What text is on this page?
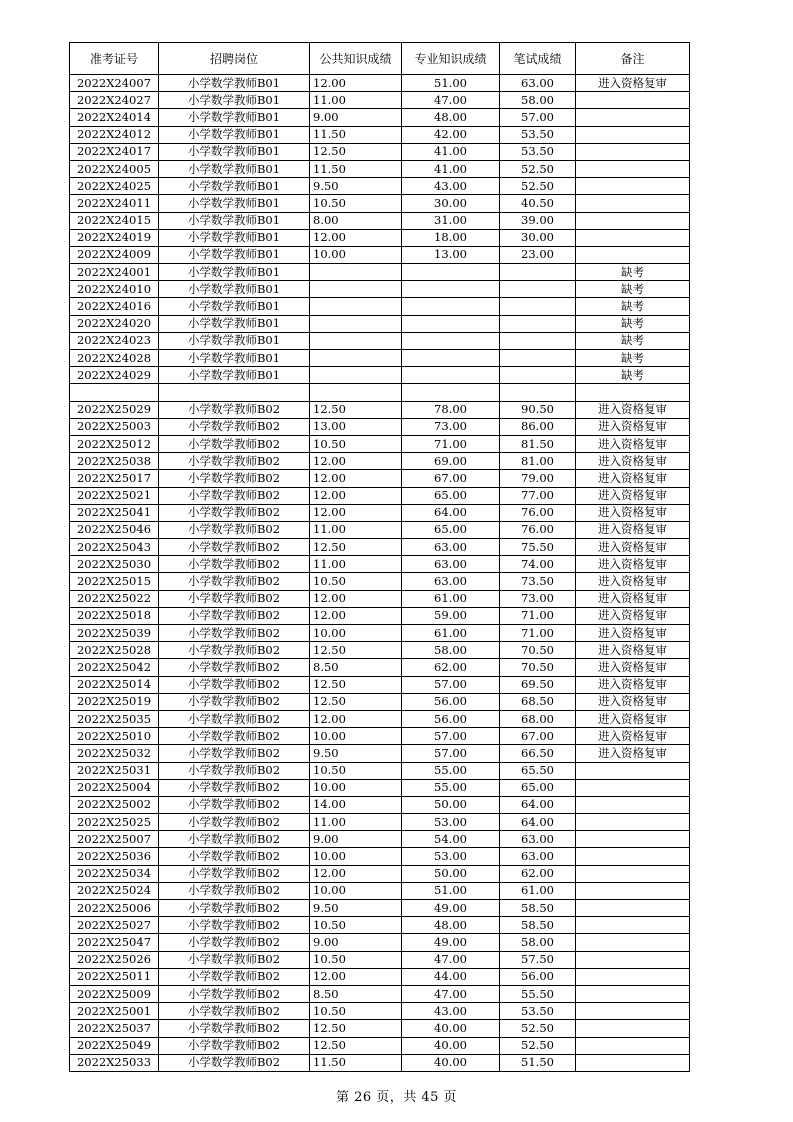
准考证号	招聘岗位	公共知识成绩	专业知识成绩	笔试成绩	备注
2022X24007	小学数学教师B01	12.00	51.00	63.00	进入资格复审
2022X24027	小学数学教师B01	11.00	47.00	58.00	
2022X24014	小学数学教师B01	9.00	48.00	57.00	
2022X24012	小学数学教师B01	11.50	42.00	53.50	
2022X24017	小学数学教师B01	12.50	41.00	53.50	
2022X24005	小学数学教师B01	11.50	41.00	52.50	
2022X24025	小学数学教师B01	9.50	43.00	52.50	
2022X24011	小学数学教师B01	10.50	30.00	40.50	
2022X24015	小学数学教师B01	8.00	31.00	39.00	
2022X24019	小学数学教师B01	12.00	18.00	30.00	
2022X24009	小学数学教师B01	10.00	13.00	23.00	
2022X24001	小学数学教师B01				缺考
2022X24010	小学数学教师B01				缺考
2022X24016	小学数学教师B01				缺考
2022X24020	小学数学教师B01				缺考
2022X24023	小学数学教师B01				缺考
2022X24028	小学数学教师B01				缺考
2022X24029	小学数学教师B01				缺考

2022X25029	小学数学教师B02	12.50	78.00	90.50	进入资格复审
2022X25003	小学数学教师B02	13.00	73.00	86.00	进入资格复审
2022X25012	小学数学教师B02	10.50	71.00	81.50	进入资格复审
2022X25038	小学数学教师B02	12.00	69.00	81.00	进入资格复审
2022X25017	小学数学教师B02	12.00	67.00	79.00	进入资格复审
2022X25021	小学数学教师B02	12.00	65.00	77.00	进入资格复审
2022X25041	小学数学教师B02	12.00	64.00	76.00	进入资格复审
2022X25046	小学数学教师B02	11.00	65.00	76.00	进入资格复审
2022X25043	小学数学教师B02	12.50	63.00	75.50	进入资格复审
2022X25030	小学数学教师B02	11.00	63.00	74.00	进入资格复审
2022X25015	小学数学教师B02	10.50	63.00	73.50	进入资格复审
2022X25022	小学数学教师B02	12.00	61.00	73.00	进入资格复审
2022X25018	小学数学教师B02	12.00	59.00	71.00	进入资格复审
2022X25039	小学数学教师B02	10.00	61.00	71.00	进入资格复审
2022X25028	小学数学教师B02	12.50	58.00	70.50	进入资格复审
2022X25042	小学数学教师B02	8.50	62.00	70.50	进入资格复审
2022X25014	小学数学教师B02	12.50	57.00	69.50	进入资格复审
2022X25019	小学数学教师B02	12.50	56.00	68.50	进入资格复审
2022X25035	小学数学教师B02	12.00	56.00	68.00	进入资格复审
2022X25010	小学数学教师B02	10.00	57.00	67.00	进入资格复审
2022X25032	小学数学教师B02	9.50	57.00	66.50	进入资格复审
2022X25031	小学数学教师B02	10.50	55.00	65.50	
2022X25004	小学数学教师B02	10.00	55.00	65.00	
2022X25002	小学数学教师B02	14.00	50.00	64.00	
2022X25025	小学数学教师B02	11.00	53.00	64.00	
2022X25007	小学数学教师B02	9.00	54.00	63.00	
2022X25036	小学数学教师B02	10.00	53.00	63.00	
2022X25034	小学数学教师B02	12.00	50.00	62.00	
2022X25024	小学数学教师B02	10.00	51.00	61.00	
2022X25006	小学数学教师B02	9.50	49.00	58.50	
2022X25027	小学数学教师B02	10.50	48.00	58.50	
2022X25047	小学数学教师B02	9.00	49.00	58.00	
2022X25026	小学数学教师B02	10.50	47.00	57.50	
2022X25011	小学数学教师B02	12.00	44.00	56.00	
2022X25009	小学数学教师B02	8.50	47.00	55.50	
2022X25001	小学数学教师B02	10.50	43.00	53.50	
2022X25037	小学数学教师B02	12.50	40.00	52.50	
2022X25049	小学数学教师B02	12.50	40.00	52.50	
2022X25033	小学数学教师B02	11.50	40.00	51.50	
第 26 页，共 45 页
